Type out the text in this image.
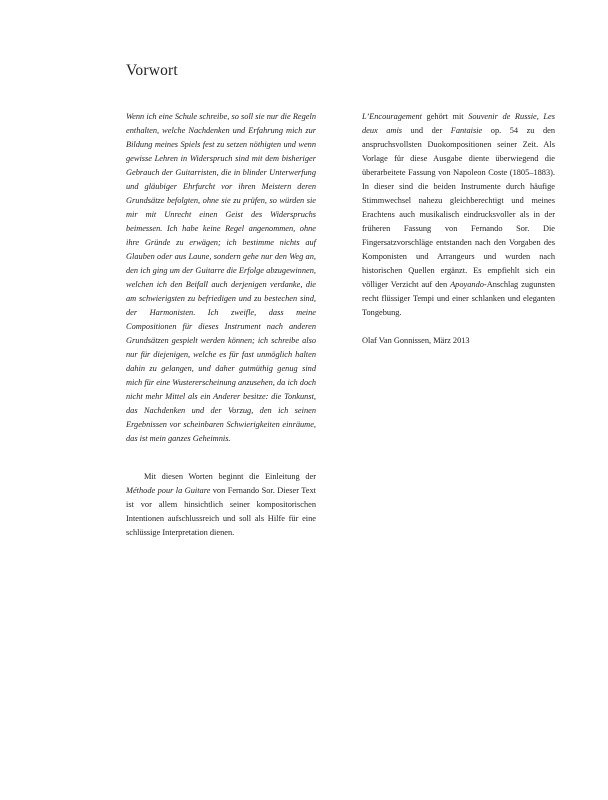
Vorwort

Wenn ich eine Schule schreibe, so soll sie nur die Regeln enthalten, welche Nachdenken und Erfahrung mich zur Bildung meines Spiels fest zu setzen nöthigten und wenn gewisse Lehren in Widerspruch sind mit dem bisheriger Gebrauch der Guitarristen, die in blinder Unterwerfung und gläubiger Ehrfurcht vor ihren Meistern deren Grundsätze befolgten, ohne sie zu prüfen, so würden sie mir mit Unrecht einen Geist des Widerspruchs beimessen. Ich habe keine Regel angenommen, ohne ihre Gründe zu erwägen; ich bestimme nichts auf Glauben oder aus Laune, sondern gehe nur den Weg an, den ich ging um der Guitarre die Erfolge abzugewinnen, welchen ich den Beifall auch derjenigen verdanke, die am schwierigsten zu befriedigen und zu bestechen sind, der Harmonisten. Ich zweifle, dass meine Compositionen für dieses Instrument nach anderen Grundsätzen gespielt werden können; ich schreibe also nur für diejenigen, welche es für fast unmöglich halten dahin zu gelangen, und daher gutmüthig genug sind mich für eine Wustererscheinung anzusehen, da ich doch nicht mehr Mittel als ein Anderer besitze: die Tonkunst, das Nachdenken und der Vorzug, den ich seinen Ergebnissen vor scheinbaren Schwierigkeiten einräume, das ist mein ganzes Geheimnis.

Mit diesen Worten beginnt die Einleitung der Méthode pour la Guitare von Fernando Sor. Dieser Text ist vor allem hinsichtlich seiner kompositorischen Intentionen aufschlussreich und soll als Hilfe für eine schlüssige Interpretation dienen.

L’Encouragement gehört mit Souvenir de Russie, Les deux amis und der Fantaisie op. 54 zu den anspruchsvollsten Duokompositionen seiner Zeit. Als Vorlage für diese Ausgabe diente überwiegend die überarbeitete Fassung von Napoleon Coste (1805–1883). In dieser sind die beiden Instrumente durch häufige Stimmwechsel nahezu gleichberechtigt und meines Erachtens auch musikalisch eindrucksvoller als in der früheren Fassung von Fernando Sor. Die Fingersatzvorschläge entstanden nach den Vorgaben des Komponisten und Arrangeurs und wurden nach historischen Quellen ergänzt. Es empfiehlt sich ein völliger Verzicht auf den Apoyando-Anschlag zugunsten recht flüssiger Tempi und einer schlanken und eleganten Tongebung.

Olaf Van Gonnissen, März 2013
